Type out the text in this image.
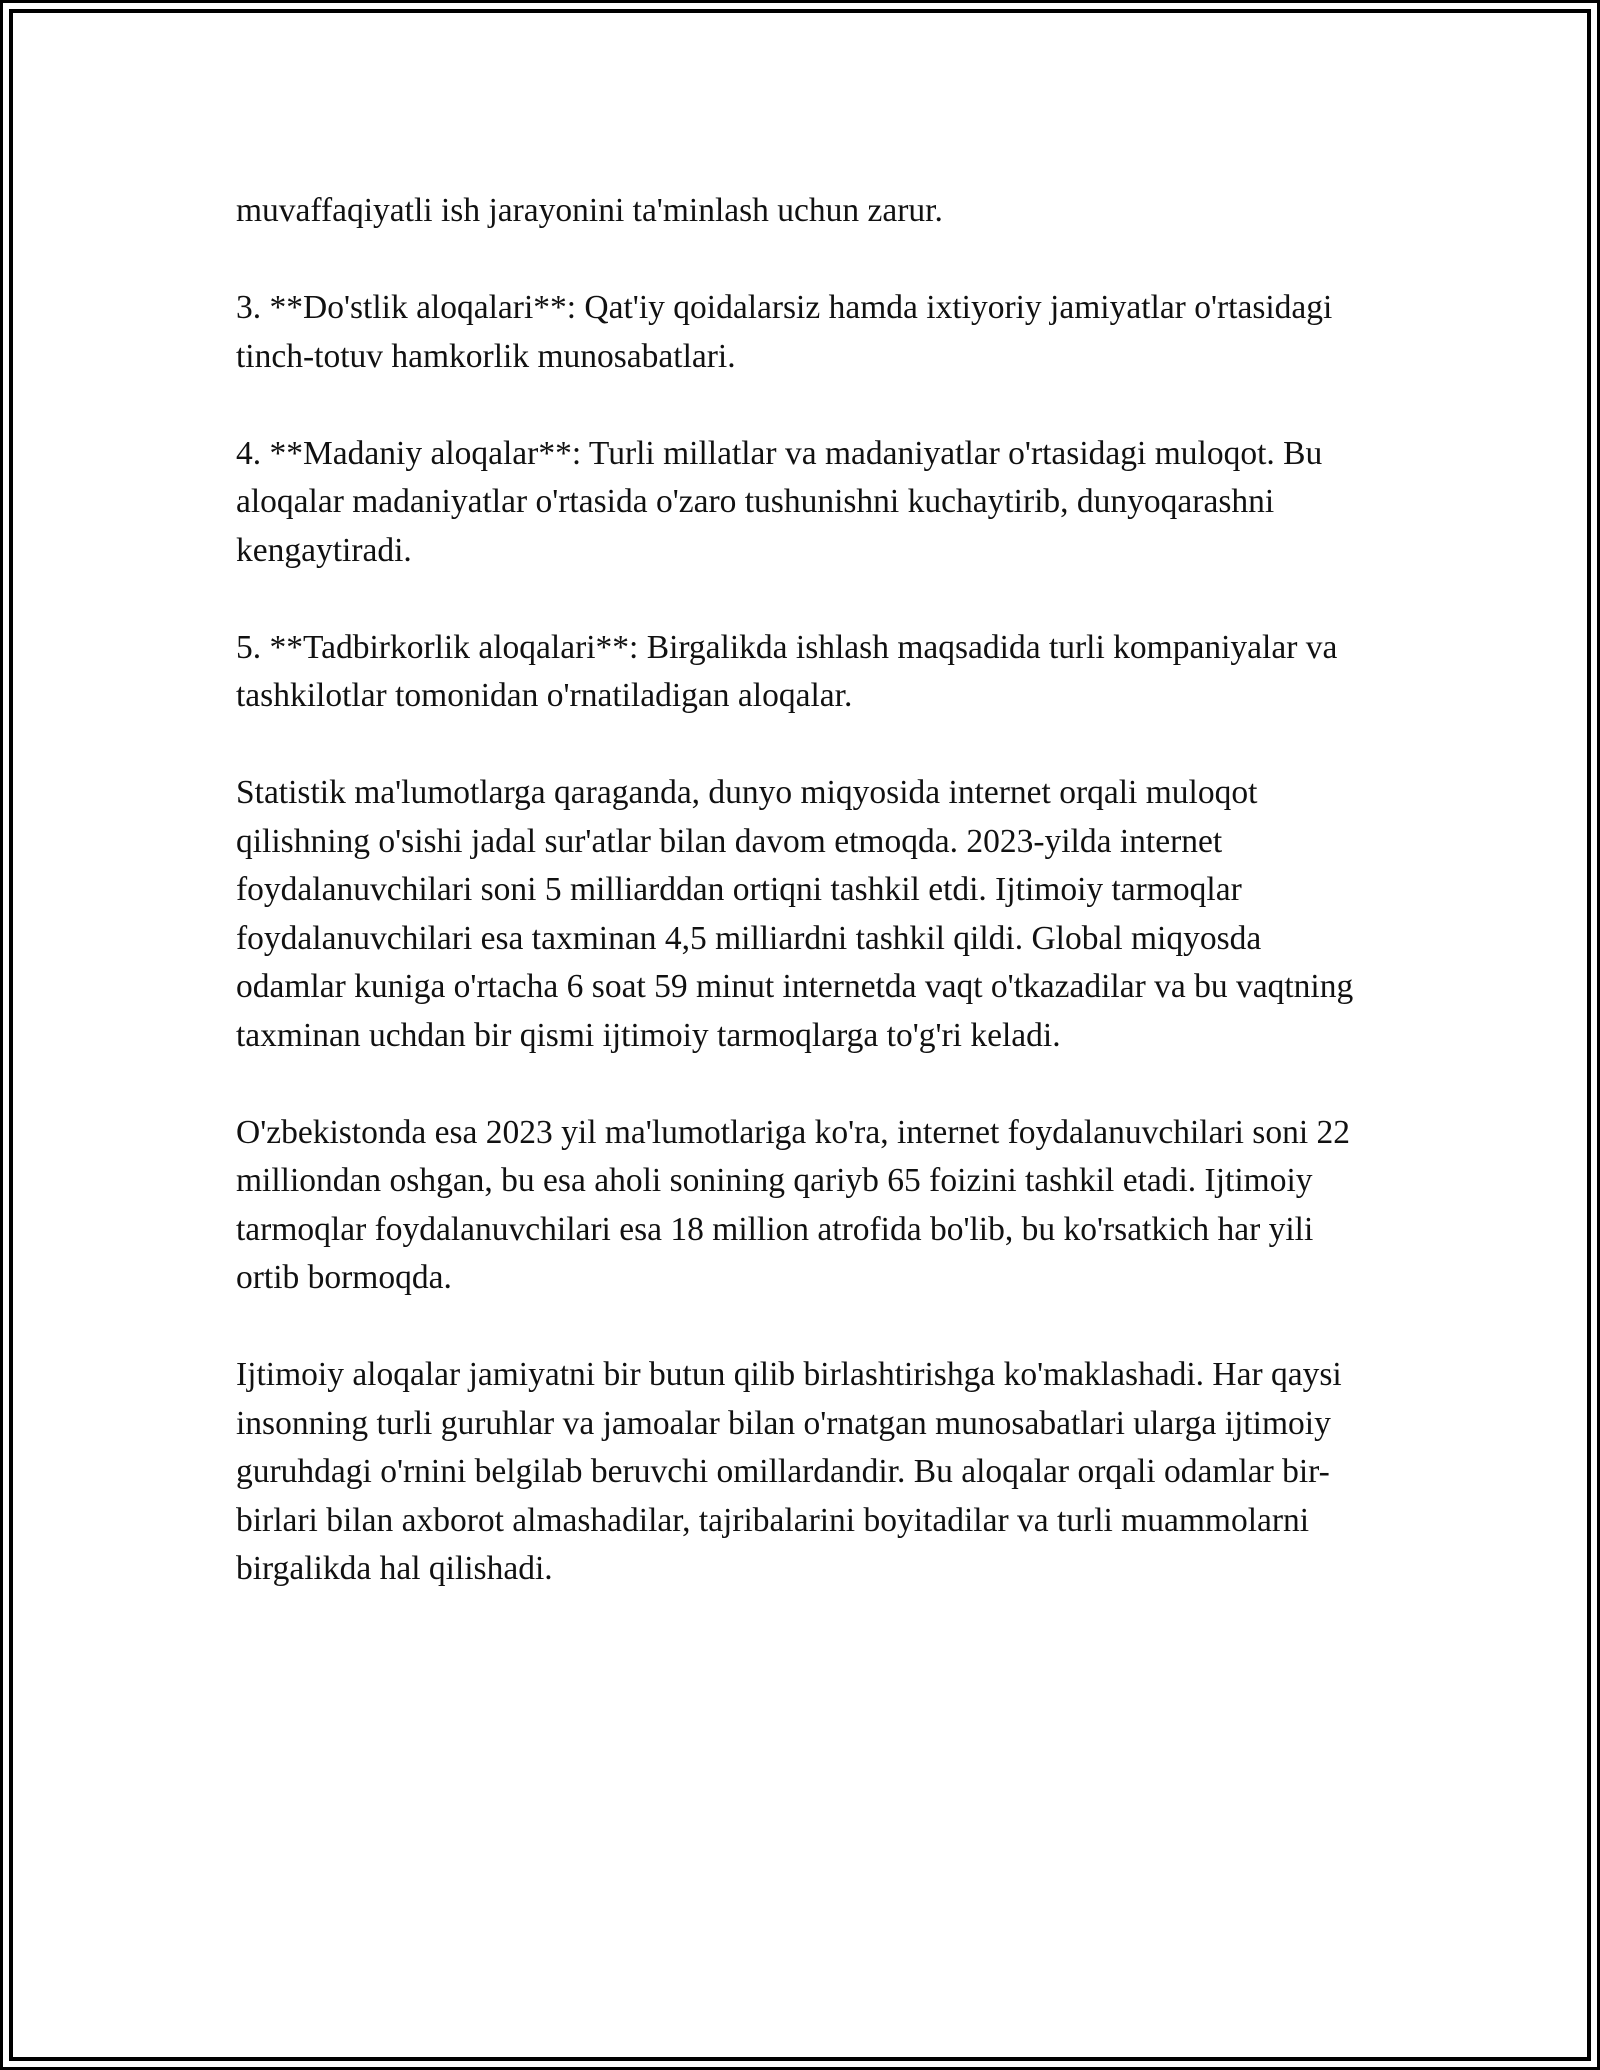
muvaffaqiyatli ish jarayonini ta'minlash uchun zarur.

3. **Do'stlik aloqalari**: Qat'iy qoidalarsiz hamda ixtiyoriy jamiyatlar o'rtasidagi tinch-totuv hamkorlik munosabatlari.

4. **Madaniy aloqalar**: Turli millatlar va madaniyatlar o'rtasidagi muloqot. Bu aloqalar madaniyatlar o'rtasida o'zaro tushunishni kuchaytirib, dunyoqarashni kengaytiradi.

5. **Tadbirkorlik aloqalari**: Birgalikda ishlash maqsadida turli kompaniyalar va tashkilotlar tomonidan o'rnatiladigan aloqalar.

Statistik ma'lumotlarga qaraganda, dunyo miqyosida internet orqali muloqot qilishning o'sishi jadal sur'atlar bilan davom etmoqda. 2023-yilda internet foydalanuvchilari soni 5 milliarddan ortiqni tashkil etdi. Ijtimoiy tarmoqlar foydalanuvchilari esa taxminan 4,5 milliardni tashkil qildi. Global miqyosda odamlar kuniga o'rtacha 6 soat 59 minut internetda vaqt o'tkazadilar va bu vaqtning taxminan uchdan bir qismi ijtimoiy tarmoqlarga to'g'ri keladi.

O'zbekistonda esa 2023 yil ma'lumotlariga ko'ra, internet foydalanuvchilari soni 22 milliondan oshgan, bu esa aholi sonining qariyb 65 foizini tashkil etadi. Ijtimoiy tarmoqlar foydalanuvchilari esa 18 million atrofida bo'lib, bu ko'rsatkich har yili ortib bormoqda.

Ijtimoiy aloqalar jamiyatni bir butun qilib birlashtirishga ko'maklashadi. Har qaysi insonning turli guruhlar va jamoalar bilan o'rnatgan munosabatlari ularga ijtimoiy guruhdagi o'rnini belgilab beruvchi omillardandir. Bu aloqalar orqali odamlar bir-birlari bilan axborot almashadilar, tajribalarini boyitadilar va turli muammolarni birgalikda hal qilishadi.
